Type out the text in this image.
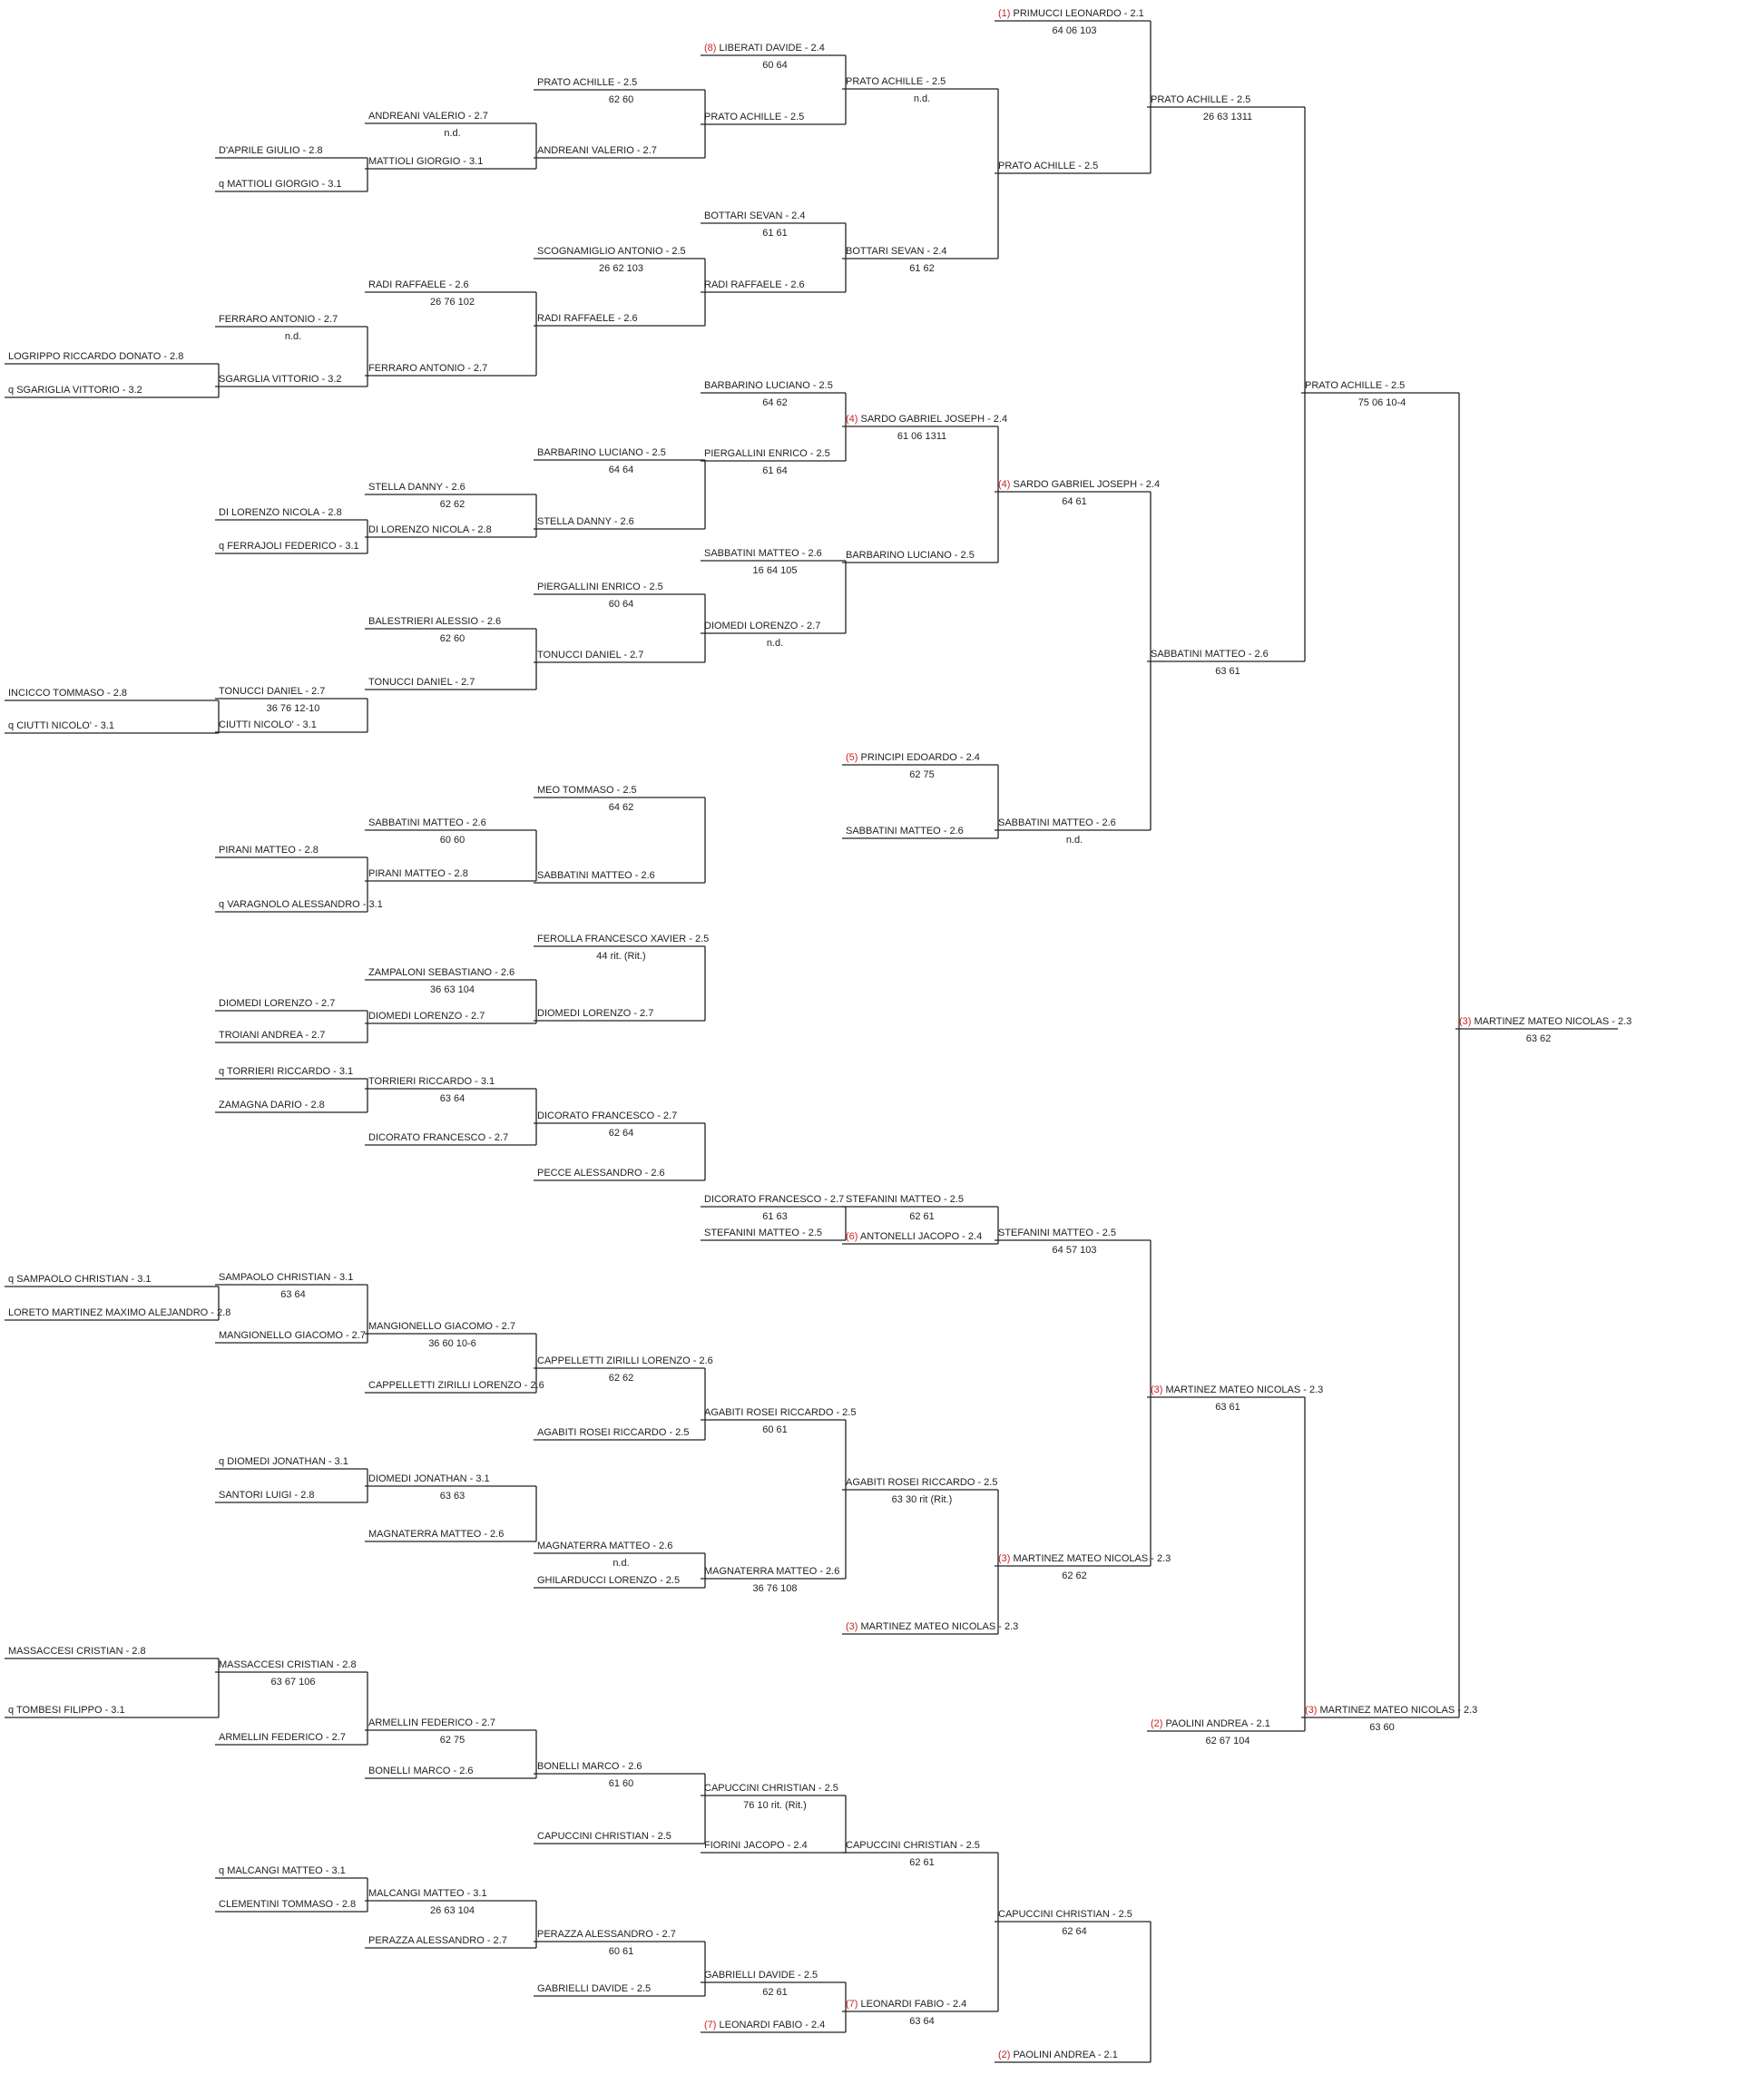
LOGRIPPO RICCARDO DONATO - 2.8
q SGARIGLIA VITTORIO - 3.2
INCICCO TOMMASO - 2.8
q CIUTTI NICOLO' - 3.1
q SAMPAOLO CHRISTIAN - 3.1
LORETO MARTINEZ MAXIMO ALEJANDRO - 2.8
MASSACCESI CRISTIAN - 2.8
q TOMBESI FILIPPO - 3.1
D'APRILE GIULIO - 2.8
q MATTIOLI GIORGIO - 3.1
FERRARO ANTONIO - 2.7
SGARGLIA VITTORIO - 3.2
n.d.
DI LORENZO NICOLA - 2.8
q FERRAJOLI FEDERICO - 3.1
TONUCCI DANIEL - 2.7
CIUTTI NICOLO' - 3.1
36 76 12-10
PIRANI MATTEO - 2.8
q VARAGNOLO ALESSANDRO - 3.1
DIOMEDI LORENZO - 2.7
TROIANI ANDREA - 2.7
q TORRIERI RICCARDO - 3.1
ZAMAGNA DARIO - 2.8
SAMPAOLO CHRISTIAN - 3.1
MANGIONELLO GIACOMO - 2.7
63 64
q DIOMEDI JONATHAN - 3.1
SANTORI LUIGI - 2.8
MASSACCESI CRISTIAN - 2.8
ARMELLIN FEDERICO - 2.7
63 67 106
q MALCANGI MATTEO - 3.1
CLEMENTINI TOMMASO - 2.8
ANDREANI VALERIO - 2.7
MATTIOLI GIORGIO - 3.1
n.d.
RADI RAFFAELE - 2.6
FERRARO ANTONIO - 2.7
26 76 102
STELLA DANNY - 2.6
DI LORENZO NICOLA - 2.8
62 62
BALESTRIERI ALESSIO - 2.6
TONUCCI DANIEL - 2.7
62 60
SABBATINI MATTEO - 2.6
PIRANI MATTEO - 2.8
60 60
ZAMPALONI SEBASTIANO - 2.6
DIOMEDI LORENZO - 2.7
36 63 104
TORRIERI RICCARDO - 3.1
DICORATO FRANCESCO - 2.7
63 64
MANGIONELLO GIACOMO - 2.7
CAPPELLETTI ZIRILLI LORENZO - 2.6
36 60 10-6
DIOMEDI JONATHAN - 3.1
MAGNATERRA MATTEO - 2.6
63 63
ARMELLIN FEDERICO - 2.7
BONELLI MARCO - 2.6
62 75
MALCANGI MATTEO - 3.1
PERAZZA ALESSANDRO - 2.7
26 63 104
PRATO ACHILLE - 2.5
ANDREANI VALERIO - 2.7
62 60
SCOGNAMIGLIO ANTONIO - 2.5
RADI RAFFAELE - 2.6
26 62 103
BARBARINO LUCIANO - 2.5
STELLA DANNY - 2.6
64 64
PIERGALLINI ENRICO - 2.5
TONUCCI DANIEL - 2.7
60 64
MEO TOMMASO - 2.5
SABBATINI MATTEO - 2.6
64 62
FEROLLA FRANCESCO XAVIER - 2.5
DIOMEDI LORENZO - 2.7
44 rit. (Rit.)
DICORATO FRANCESCO - 2.7
PECCE ALESSANDRO - 2.6
62 64
CAPPELLETTI ZIRILLI LORENZO - 2.6
AGABITI ROSEI RICCARDO - 2.5
62 62
MAGNATERRA MATTEO - 2.6
GHILARDUCCI LORENZO - 2.5
n.d.
BONELLI MARCO - 2.6
CAPUCCINI CHRISTIAN - 2.5
61 60
PERAZZA ALESSANDRO - 2.7
GABRIELLI DAVIDE - 2.5
60 61
(8) LIBERATI DAVIDE - 2.4
PRATO ACHILLE - 2.5
60 64
BOTTARI SEVAN - 2.4
RADI RAFFAELE - 2.6
61 61
BARBARINO LUCIANO - 2.5
PIERGALLINI ENRICO - 2.5
64 62
61 64
SABBATINI MATTEO - 2.6
DIOMEDI LORENZO - 2.7
16 64 105
n.d.
DICORATO FRANCESCO - 2.7
STEFANINI MATTEO - 2.5
61 63
AGABITI ROSEI RICCARDO - 2.5
MAGNATERRA MATTEO - 2.6
60 61
36 76 108
CAPUCCINI CHRISTIAN - 2.5
FIORINI JACOPO - 2.4
76 10 rit. (Rit.)
GABRIELLI DAVIDE - 2.5
(7) LEONARDI FABIO - 2.4
62 61
PRATO ACHILLE - 2.5
BOTTARI SEVAN - 2.4
n.d.
61 62
(4) SARDO GABRIEL JOSEPH - 2.4
BARBARINO LUCIANO - 2.5
61 06 1311
(5) PRINCIPI EDOARDO - 2.4
SABBATINI MATTEO - 2.6
62 75
STEFANINI MATTEO - 2.5
(6) ANTONELLI JACOPO - 2.4
62 61
AGABITI ROSEI RICCARDO - 2.5
(3) MARTINEZ MATEO NICOLAS - 2.3
63 30 rit (Rit.)
CAPUCCINI CHRISTIAN - 2.5
(7) LEONARDI FABIO - 2.4
62 61
63 64
(1) PRIMUCCI LEONARDO - 2.1
PRATO ACHILLE - 2.5
64 06 103
(4) SARDO GABRIEL JOSEPH - 2.4
SABBATINI MATTEO - 2.6
64 61
n.d.
STEFANINI MATTEO - 2.5
(3) MARTINEZ MATEO NICOLAS - 2.3
64 57 103
62 62
CAPUCCINI CHRISTIAN - 2.5
(2) PAOLINI ANDREA - 2.1
62 64
PRATO ACHILLE - 2.5
SABBATINI MATTEO - 2.6
26 63 1311
63 61
(3) MARTINEZ MATEO NICOLAS - 2.3
(2) PAOLINI ANDREA - 2.1
63 61
62 67 104
PRATO ACHILLE - 2.5
(3) MARTINEZ MATEO NICOLAS - 2.3
75 06 10-4
63 60
(3) MARTINEZ MATEO NICOLAS - 2.3
63 62
